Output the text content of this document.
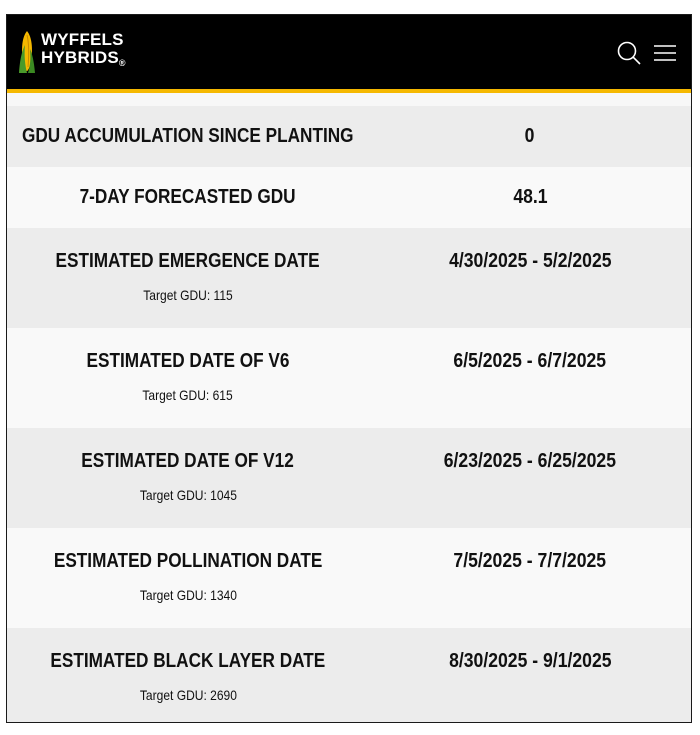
WYFFELS
HYBRIDS®
GDU ACCUMULATION SINCE PLANTING	0
7-DAY FORECASTED GDU	48.1
ESTIMATED EMERGENCE DATE
Target GDU: 115
4/30/2025 - 5/2/2025
ESTIMATED DATE OF V6
Target GDU: 615
6/5/2025 - 6/7/2025
ESTIMATED DATE OF V12
Target GDU: 1045
6/23/2025 - 6/25/2025
ESTIMATED POLLINATION DATE
Target GDU: 1340
7/5/2025 - 7/7/2025
ESTIMATED BLACK LAYER DATE
Target GDU: 2690
8/30/2025 - 9/1/2025
